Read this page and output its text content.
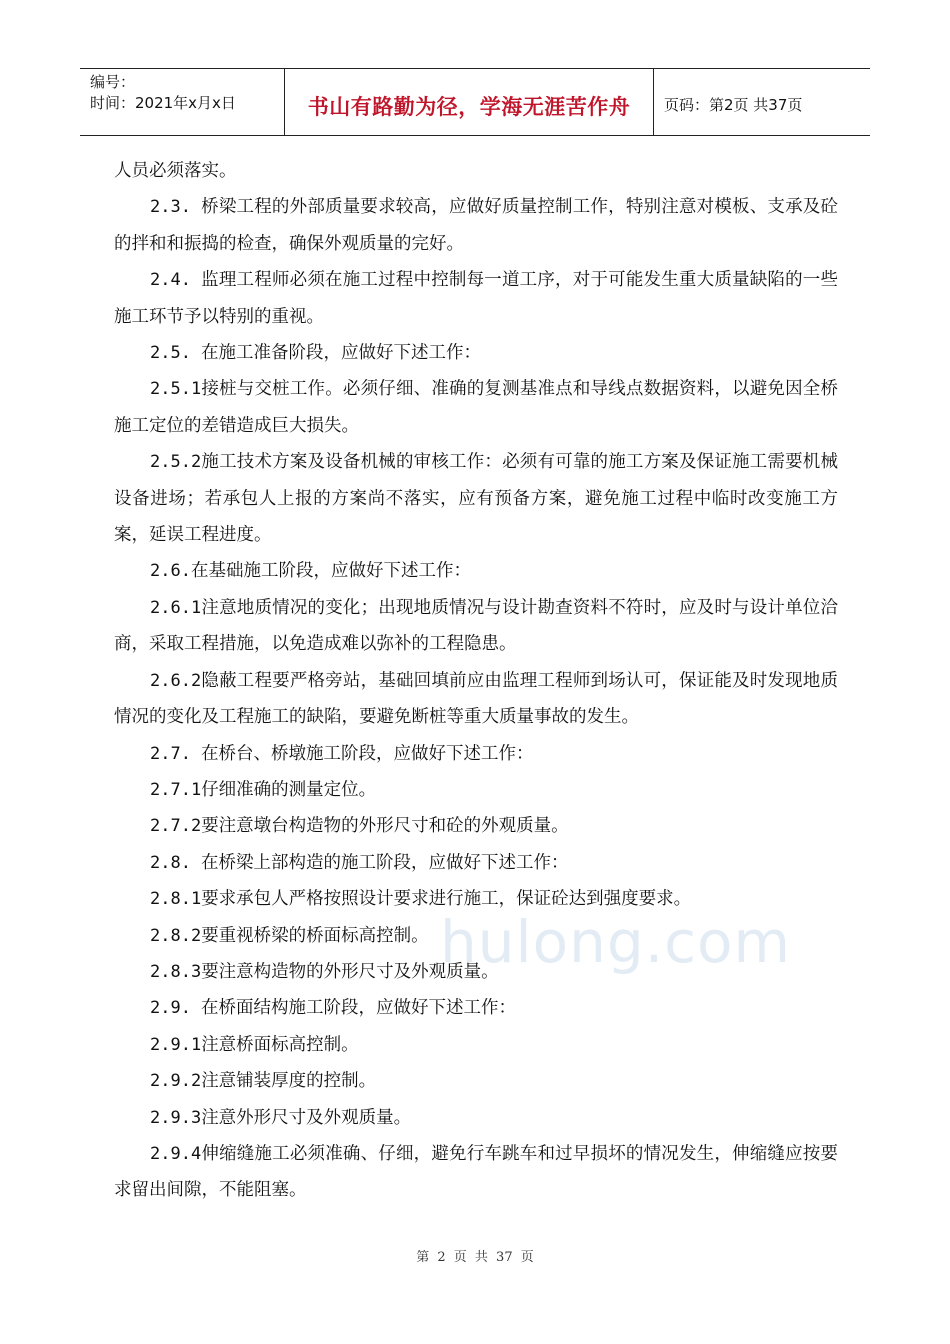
编号：
时间：2021年x月x日	书山有路勤为径，学海无涯苦作舟 页码：第2页 共37页
hulong.com

人员必须落实。

2.3. 桥梁工程的外部质量要求较高，应做好质量控制工作，特别注意对模板、支承及砼的拌和和振捣的检查，确保外观质量的完好。

2.4. 监理工程师必须在施工过程中控制每一道工序，对于可能发生重大质量缺陷的一些施工环节予以特别的重视。

2.5. 在施工准备阶段，应做好下述工作：

2.5.1接桩与交桩工作。必须仔细、准确的复测基准点和导线点数据资料，以避免因全桥施工定位的差错造成巨大损失。

2.5.2施工技术方案及设备机械的审核工作：必须有可靠的施工方案及保证施工需要机械设备进场；若承包人上报的方案尚不落实，应有预备方案，避免施工过程中临时改变施工方案，延误工程进度。

2.6.在基础施工阶段，应做好下述工作：

2.6.1注意地质情况的变化；出现地质情况与设计勘查资料不符时，应及时与设计单位洽商，采取工程措施，以免造成难以弥补的工程隐患。

2.6.2隐蔽工程要严格旁站，基础回填前应由监理工程师到场认可，保证能及时发现地质情况的变化及工程施工的缺陷，要避免断桩等重大质量事故的发生。

2.7. 在桥台、桥墩施工阶段，应做好下述工作：

2.7.1仔细准确的测量定位。

2.7.2要注意墩台构造物的外形尺寸和砼的外观质量。

2.8. 在桥梁上部构造的施工阶段，应做好下述工作：

2.8.1要求承包人严格按照设计要求进行施工，保证砼达到强度要求。

2.8.2要重视桥梁的桥面标高控制。

2.8.3要注意构造物的外形尺寸及外观质量。

2.9. 在桥面结构施工阶段，应做好下述工作：

2.9.1注意桥面标高控制。

2.9.2注意铺装厚度的控制。

2.9.3注意外形尺寸及外观质量。

2.9.4伸缩缝施工必须准确、仔细，避免行车跳车和过早损坏的情况发生，伸缩缝应按要求留出间隙，不能阻塞。

第 2 页 共 37 页
